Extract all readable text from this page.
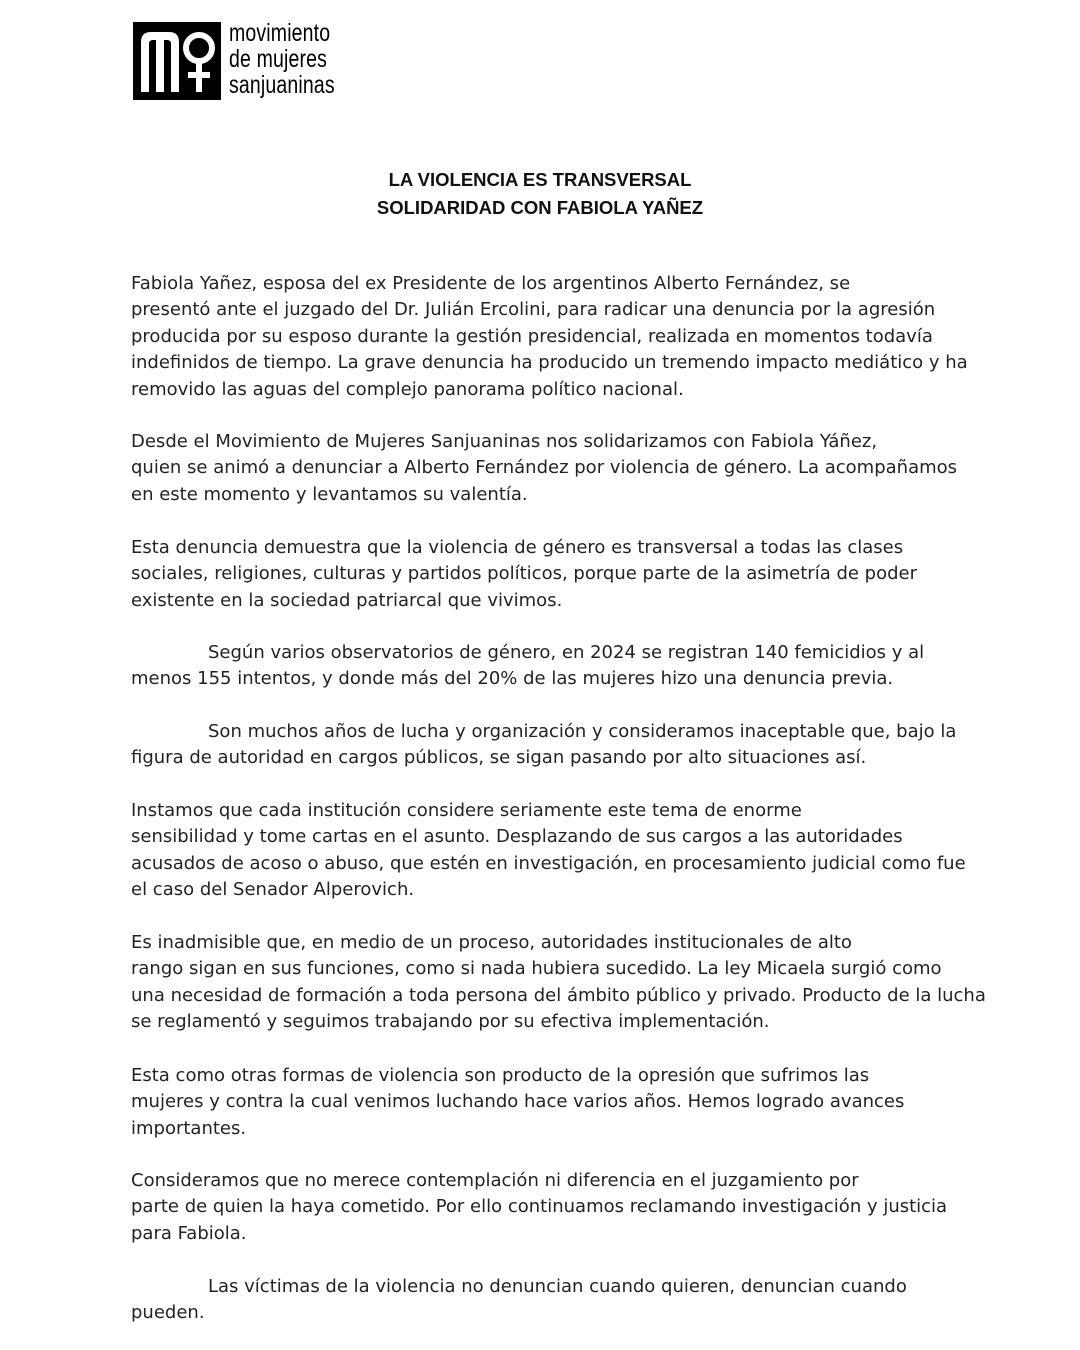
movimiento
de mujeres
sanjuaninas
LA VIOLENCIA ES TRANSVERSAL
SOLIDARIDAD CON FABIOLA YAÑEZ
Fabiola Yañez, esposa del ex Presidente de los argentinos Alberto Fernández, se
presentó ante el juzgado del Dr. Julián Ercolini, para radicar una denuncia por la agresión
producida por su esposo durante la gestión presidencial, realizada en momentos todavía
indefinidos de tiempo. La grave denuncia ha producido un tremendo impacto mediático y ha
removido las aguas del complejo panorama político nacional.
Desde el Movimiento de Mujeres Sanjuaninas nos solidarizamos con Fabiola Yáñez,
quien se animó a denunciar a Alberto Fernández por violencia de género. La acompañamos
en este momento y levantamos su valentía.
Esta denuncia demuestra que la violencia de género es transversal a todas las clases
sociales, religiones, culturas y partidos políticos, porque parte de la asimetría de poder
existente en la sociedad patriarcal que vivimos.
Según varios observatorios de género, en 2024 se registran 140 femicidios y al
menos 155 intentos, y donde más del 20% de las mujeres hizo una denuncia previa.
Son muchos años de lucha y organización y consideramos inaceptable que, bajo la
figura de autoridad en cargos públicos, se sigan pasando por alto situaciones así.
Instamos que cada institución considere seriamente este tema de enorme
sensibilidad y tome cartas en el asunto. Desplazando de sus cargos a las autoridades
acusados de acoso o abuso, que estén en investigación, en procesamiento judicial como fue
el caso del Senador Alperovich.
Es inadmisible que, en medio de un proceso, autoridades institucionales de alto
rango sigan en sus funciones, como si nada hubiera sucedido. La ley Micaela surgió como
una necesidad de formación a toda persona del ámbito público y privado. Producto de la lucha
se reglamentó y seguimos trabajando por su efectiva implementación.
Esta como otras formas de violencia son producto de la opresión que sufrimos las
mujeres y contra la cual venimos luchando hace varios años. Hemos logrado avances
importantes.
Consideramos que no merece contemplación ni diferencia en el juzgamiento por
parte de quien la haya cometido. Por ello continuamos reclamando investigación y justicia
para Fabiola.
Las víctimas de la violencia no denuncian cuando quieren, denuncian cuando
pueden.
